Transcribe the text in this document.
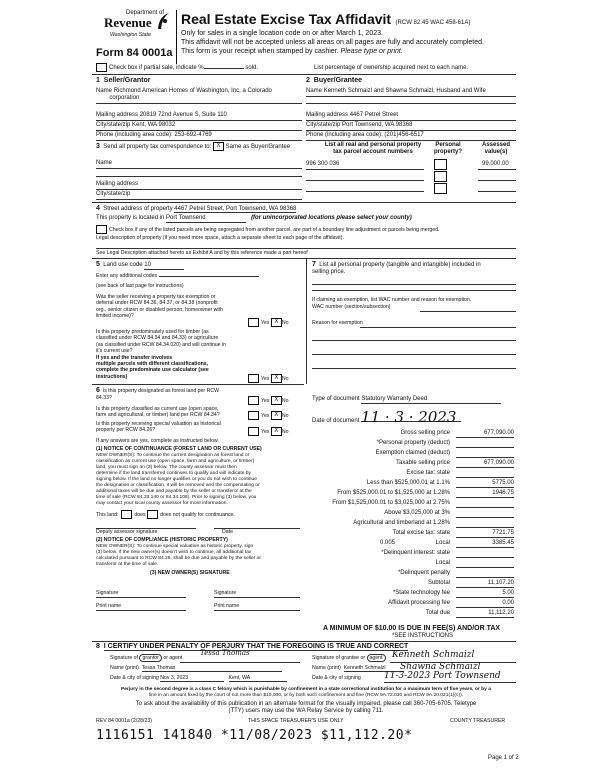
Department of
Revenue
Washington State
Form 84 0001a
Real Estate Excise Tax Affidavit (RCW 82.45 WAC 458-61A)
Only for sales in a single location code on or after March 1, 2023.
This affidavit will not be accepted unless all areas on all pages are fully and accurately completed.
This form is your receipt when stamped by cashier. Please type or print.
Check box if partial sale, indicate %	sold.	List percentage of ownership acquired next to each name.
1 Seller/Grantor
Name Richmond American Homes of Washington, Inc, a Colorado
corporation
Mailing address 20819 72nd Avenue S, Suite 110
City/state/zip Kent, WA 98032
Phone (including area code): 253-692-4769
2 Buyer/Grantee
Name Kenneth Schmaizl and Shawna Schmaizl, Husband and Wife
Mailing address 4467 Petrel Street
City/state/zip Port Townsend, WA 98368
Phone (including area code): (201)456-6517
3 Send all property tax correspondence to: X Same as Buyer/Grantee
Name
Mailing address
City/state/zip
List all real and personal property
tax parcel account numbers
Personal
property?
Assessed
value(s)
996 300 036	99,000.00
4 Street address of property 4467 Petrel Street, Port Townsend, WA 98368
This property is located in Port Townsend	(for unincorporated locations please select your county)
Check box if any of the listed parcels are being segregated from another parcel, are part of a boundary line adjustment or parcels being merged.
Legal description of property (if you need more space, attach a separate sheet to each page of the affidavit).
See Legal Description attached hereto as Exhibit A and by this reference made a part hereof
5 Land use code 10
Enter any additional codes
(see back of last page for instructions)
Was the seller receiving a property tax exemption or
deferral under RCW 84.36, 84.37, or 84.38 (nonprofit
org., senior citizen or disabled person, homeowner with
limited income)?
Yes X No
Is this property predominately used for timber (as
classified under RCW 84.34 and 84.33) or agriculture
(as classified under RCW 84.34.020) and will continue in
it's current use?
If yes and the transfer involves
multiple parcels with different classifications,
complete the predominate use calculator (see
instructions)	Yes X No
6 Is this property designated as forest land per RCW
84.33?	Yes X No
Is this property classified as current use (open space,
farm and agricultural, or timber) land per RCW 84.34?	Yes X No
Is this property receiving special valuation as historical
property per RCW 84.26?	Yes X No
If any answers are yes, complete as instructed below.
(1) NOTICE OF CONTINUANCE (FOREST LAND OR CURRENT USE)
NEW OWNER(S): To continue the current designation as forest land or
classification as current use (open space, farm and agriculture, or timber)
land, you must sign on (3) below. The county assessor must then
determine if the land transferred continues to qualify and will indicate by
signing below. If the land no longer qualifies or you do not wish to continue
the designation or classification, it will be removed and the compensating or
additional taxes will be due and payable by the seller or transferor at the
time of sale (RCW 84.33.140 or 84.34.108). Prior to signing (3) below, you
may contact your local county assessor for more information.
This land:	does	does not qualify for continuance.
Deputy assessor signature	Date
(2) NOTICE OF COMPLIANCE (HISTORIC PROPERTY)
NEW OWNER(S): To continue special valuation as historic property, sign
(3) below. If the new owner(s) doesn't wish to continue, all additional tax
calculated pursuant to RCW 84.26, shall be due and payable by the seller or
transferor at the time of sale.
(3) NEW OWNER(S) SIGNATURE
Signature	Signature
Print name	Print name
7 List all personal property (tangible and intangible) included in
selling price.
If claiming an exemption, list WAC number and reason for exemption.
WAC number (section/subsection)
Reason for exemption
Type of document Statutory Warranty Deed
Date of document 11 · 3 · 2023
Gross selling price	677,090.00
*Personal property (deduct)
Exemption claimed (deduct)
Taxable selling price	677,090.00
Excise tax: state
Less than $525,000.01 at 1.1%	5775.00
From $525,000.01 to $1,525,000 at 1.28%	1946.75
From $1,525,000.01 to $3,025,000 at 2.75%
Above $3,025,000 at 3%
Agricultural and timberland at 1.28%
Total excise tax: state	7721.75
Local
0.005	3385.45
*Delinquent interest: state
Local
*Delinquent penalty
Subtotal	11,107.20
*State technology fee	5.00
Affidavit processing fee	0.00
Total due	11,112.20
A MINIMUM OF $10.00 IS DUE IN FEE(S) AND/OR TAX
*SEE INSTRUCTIONS
8 I CERTIFY UNDER PENALTY OF PERJURY THAT THE FOREGOING IS TRUE AND CORRECT
Signature of grantor or agent
Tessa Thomas
Name (print) Tessa Thomas
Date & city of signing Nov 3, 2023	Kent, WA
Signature of grantee or agent	Kenneth Schmaizl
Name (print) Kenneth Schmaizl	Shawna Schmaizl
Date & city of signing	11-3-2023 Port Townsend
Perjury in the second degree is a class C felony which is punishable by confinement in a state correctional institution for a maximum term of five years, or by a
fine in an amount fixed by the court of not more than $10,000, or by both such confinement and fine (RCW 9A.72.030 and RCW 9A.20.021(1)(c)).
To ask about the availability of this publication in an alternate format for the visually impaired, please call 360-705-6705. Teletype
(TTY) users may use the WA Relay Service by calling 711.
REV 84 0001a (2/28/23)	THIS SPACE TREASURER'S USE ONLY	COUNTY TREASURER
1116151 141840 *11/08/2023 $11,112.20*
Page 1 of 2
